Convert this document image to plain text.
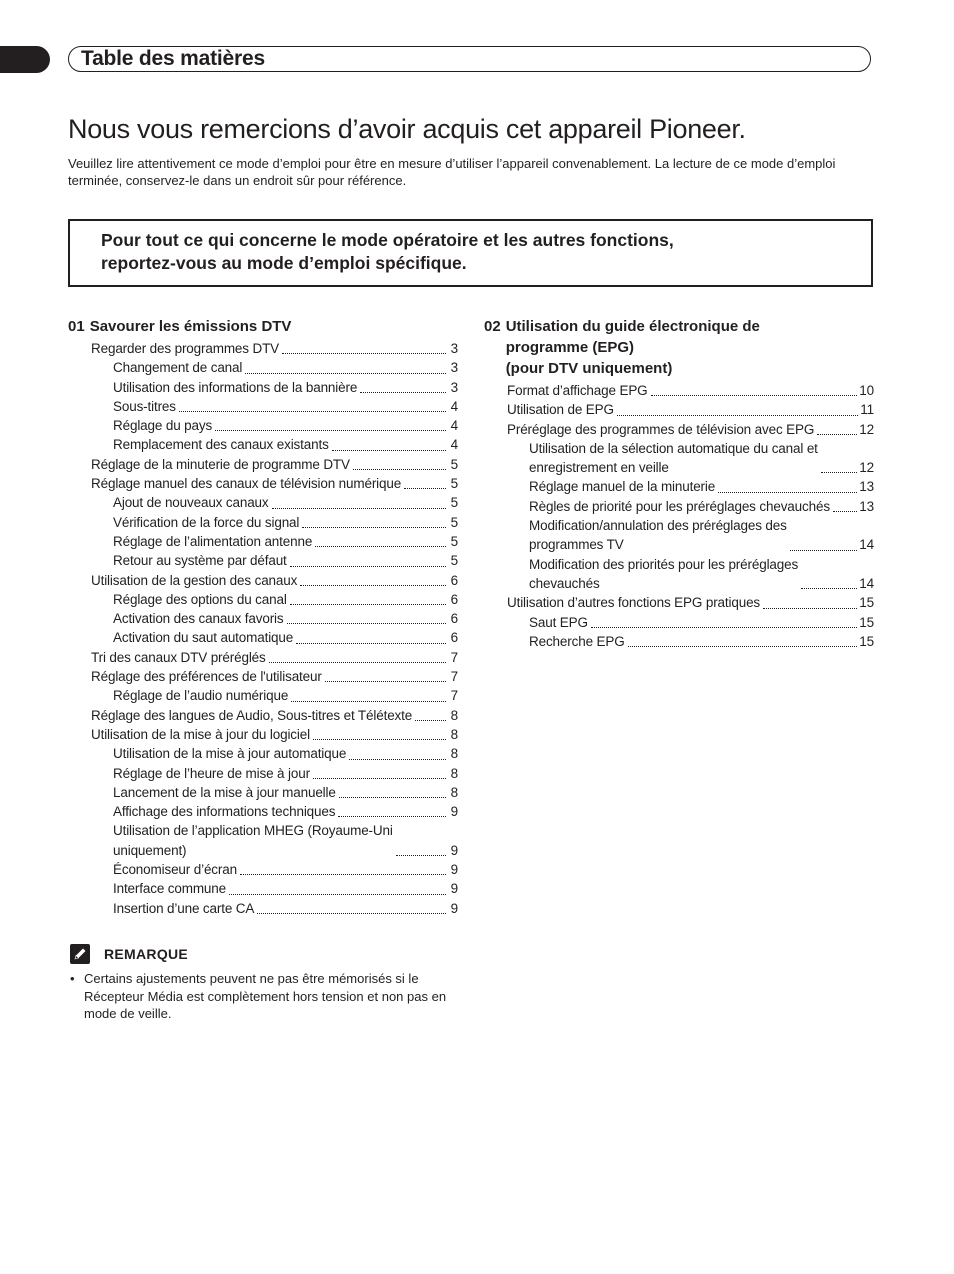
Table des matières
Nous vous remercions d’avoir acquis cet appareil Pioneer.

Veuillez lire attentivement ce mode d’emploi pour être en mesure d’utiliser l’appareil convenablement. La lecture de ce mode d’emploi terminée, conservez-le dans un endroit sûr pour référence.

Pour tout ce qui concerne le mode opératoire et les autres fonctions,
reportez-vous au mode d’emploi spécifique.

01 Savourer les émissions DTV
Regarder des programmes DTV	3
Changement de canal	3
Utilisation des informations de la bannière	3
Sous-titres	4
Réglage du pays	4
Remplacement des canaux existants	4
Réglage de la minuterie de programme DTV	5
Réglage manuel des canaux de télévision numérique	5
Ajout de nouveaux canaux	5
Vérification de la force du signal	5
Réglage de l’alimentation antenne	5
Retour au système par défaut	5
Utilisation de la gestion des canaux	6
Réglage des options du canal	6
Activation des canaux favoris	6
Activation du saut automatique	6
Tri des canaux DTV préréglés	7
Réglage des préférences de l'utilisateur	7
Réglage de l’audio numérique	7
Réglage des langues de Audio, Sous-titres et Télétexte	8
Utilisation de la mise à jour du logiciel	8
Utilisation de la mise à jour automatique	8
Réglage de l’heure de mise à jour	8
Lancement de la mise à jour manuelle	8
Affichage des informations techniques	9
Utilisation de l’application MHEG (Royaume-Uni
uniquement)	9
Économiseur d’écran	9
Interface commune	9
Insertion d’une carte CA	9
02 Utilisation du guide électronique de
programme (EPG)
(pour DTV uniquement)
Format d’affichage EPG	10
Utilisation de EPG	11
Préréglage des programmes de télévision avec EPG	12
Utilisation de la sélection automatique du canal et
enregistrement en veille	12
Réglage manuel de la minuterie	13
Règles de priorité pour les préréglages chevauchés 13
Modification/annulation des préréglages des
programmes TV	14
Modification des priorités pour les préréglages
chevauchés	14
Utilisation d’autres fonctions EPG pratiques	15
Saut EPG	15
Recherche EPG	15
REMARQUE
• Certains ajustements peuvent ne pas être mémorisés si le Récepteur Média est complètement hors tension et non pas en mode de veille.
